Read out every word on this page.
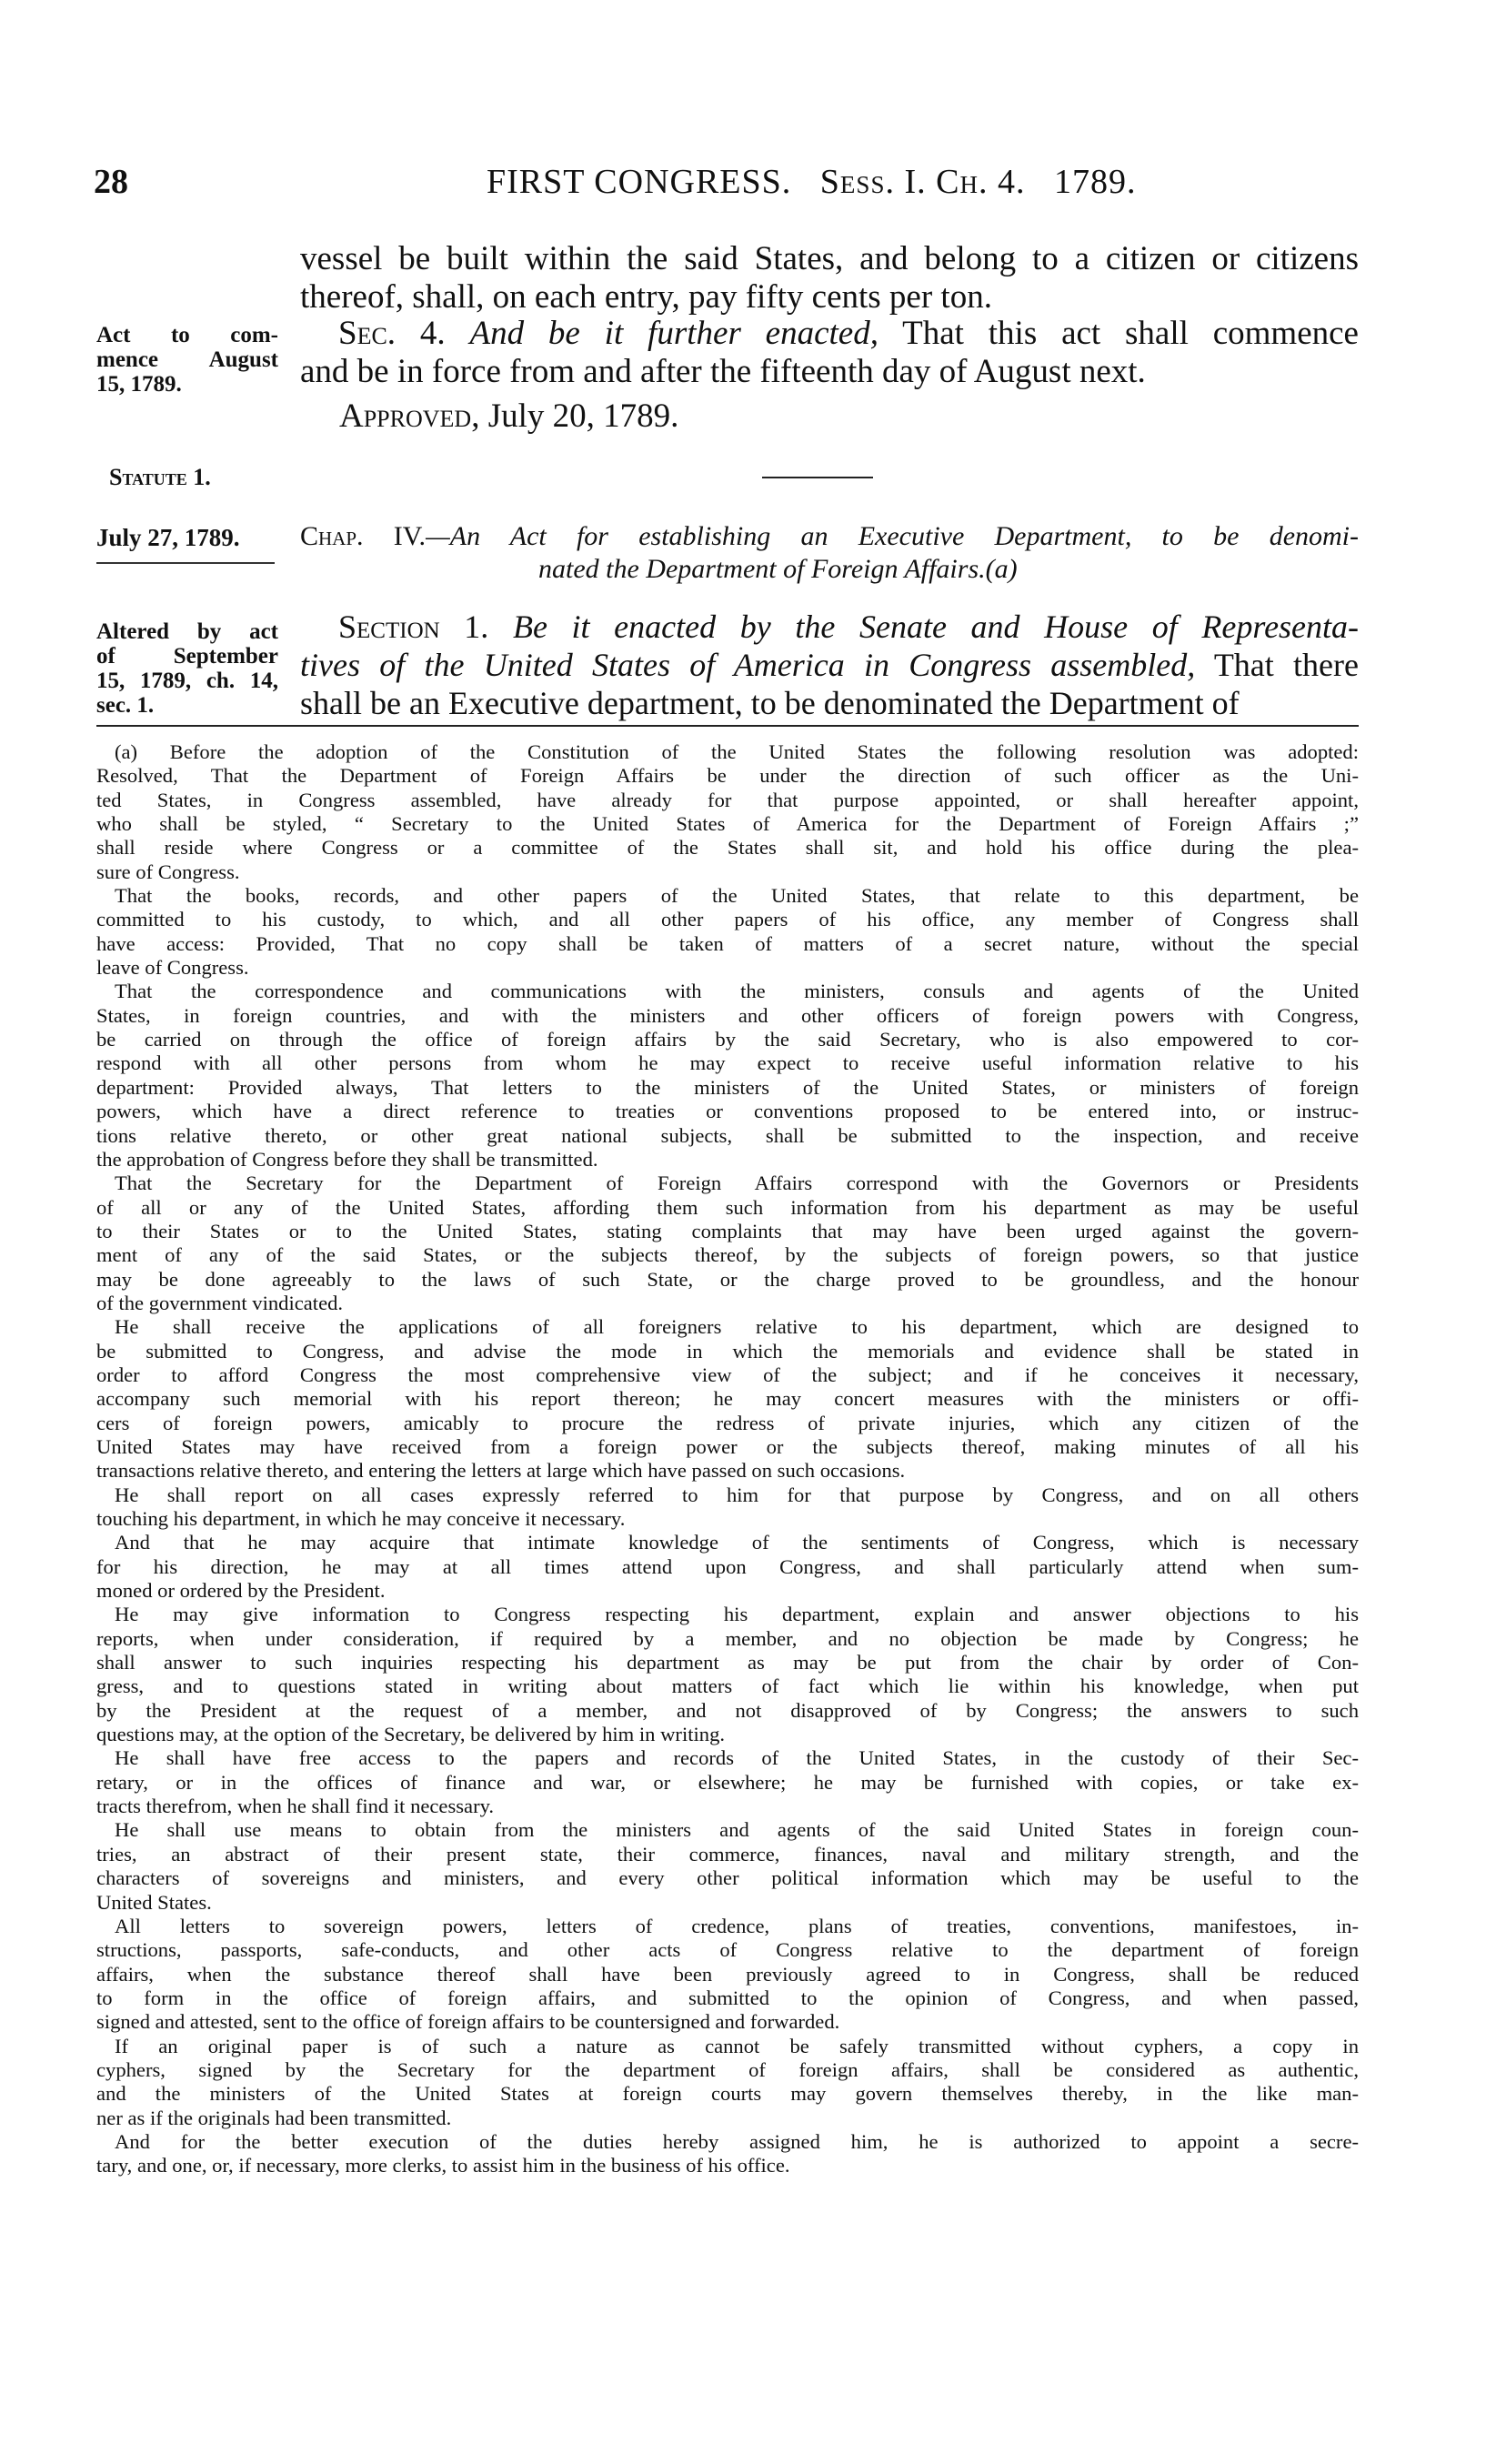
28	FIRST CONGRESS. Sess. I. Ch. 4. 1789.
vessel be built within the said States, and belong to a citizen or citizens
thereof, shall, on each entry, pay fifty cents per ton.
Act to com-
mence August
15, 1789.
Sec. 4. And be it further enacted, That this act shall commence
and be in force from and after the fifteenth day of August next.
Approved, July 20, 1789.
Statute 1.
July 27, 1789. Chap. IV.—An Act for establishing an Executive Department, to be denomi-
nated the Department of Foreign Affairs.(a)
Altered by act
of September
15, 1789, ch. 14,
sec. 1.
Section 1. Be it enacted by the Senate and House of Representa-
tives of the United States of America in Congress assembled, That there
shall be an Executive department, to be denominated the Department of
(a) Before the adoption of the Constitution of the United States the following resolution was adopted:
Resolved, That the Department of Foreign Affairs be under the direction of such officer as the Uni-
ted States, in Congress assembled, have already for that purpose appointed, or shall hereafter appoint,
who shall be styled, “ Secretary to the United States of America for the Department of Foreign Affairs ;”
shall reside where Congress or a committee of the States shall sit, and hold his office during the plea-
sure of Congress.
That the books, records, and other papers of the United States, that relate to this department, be
committed to his custody, to which, and all other papers of his office, any member of Congress shall
have access: Provided, That no copy shall be taken of matters of a secret nature, without the special
leave of Congress.
That the correspondence and communications with the ministers, consuls and agents of the United
States, in foreign countries, and with the ministers and other officers of foreign powers with Congress,
be carried on through the office of foreign affairs by the said Secretary, who is also empowered to cor-
respond with all other persons from whom he may expect to receive useful information relative to his
department: Provided always, That letters to the ministers of the United States, or ministers of foreign
powers, which have a direct reference to treaties or conventions proposed to be entered into, or instruc-
tions relative thereto, or other great national subjects, shall be submitted to the inspection, and receive
the approbation of Congress before they shall be transmitted.
That the Secretary for the Department of Foreign Affairs correspond with the Governors or Presidents
of all or any of the United States, affording them such information from his department as may be useful
to their States or to the United States, stating complaints that may have been urged against the govern-
ment of any of the said States, or the subjects thereof, by the subjects of foreign powers, so that justice
may be done agreeably to the laws of such State, or the charge proved to be groundless, and the honour
of the government vindicated.
He shall receive the applications of all foreigners relative to his department, which are designed to
be submitted to Congress, and advise the mode in which the memorials and evidence shall be stated in
order to afford Congress the most comprehensive view of the subject; and if he conceives it necessary,
accompany such memorial with his report thereon; he may concert measures with the ministers or offi-
cers of foreign powers, amicably to procure the redress of private injuries, which any citizen of the
United States may have received from a foreign power or the subjects thereof, making minutes of all his
transactions relative thereto, and entering the letters at large which have passed on such occasions.
He shall report on all cases expressly referred to him for that purpose by Congress, and on all others
touching his department, in which he may conceive it necessary.
And that he may acquire that intimate knowledge of the sentiments of Congress, which is necessary
for his direction, he may at all times attend upon Congress, and shall particularly attend when sum-
moned or ordered by the President.
He may give information to Congress respecting his department, explain and answer objections to his
reports, when under consideration, if required by a member, and no objection be made by Congress; he
shall answer to such inquiries respecting his department as may be put from the chair by order of Con-
gress, and to questions stated in writing about matters of fact which lie within his knowledge, when put
by the President at the request of a member, and not disapproved of by Congress; the answers to such
questions may, at the option of the Secretary, be delivered by him in writing.
He shall have free access to the papers and records of the United States, in the custody of their Sec-
retary, or in the offices of finance and war, or elsewhere; he may be furnished with copies, or take ex-
tracts therefrom, when he shall find it necessary.
He shall use means to obtain from the ministers and agents of the said United States in foreign coun-
tries, an abstract of their present state, their commerce, finances, naval and military strength, and the
characters of sovereigns and ministers, and every other political information which may be useful to the
United States.
All letters to sovereign powers, letters of credence, plans of treaties, conventions, manifestoes, in-
structions, passports, safe-conducts, and other acts of Congress relative to the department of foreign
affairs, when the substance thereof shall have been previously agreed to in Congress, shall be reduced
to form in the office of foreign affairs, and submitted to the opinion of Congress, and when passed,
signed and attested, sent to the office of foreign affairs to be countersigned and forwarded.
If an original paper is of such a nature as cannot be safely transmitted without cyphers, a copy in
cyphers, signed by the Secretary for the department of foreign affairs, shall be considered as authentic,
and the ministers of the United States at foreign courts may govern themselves thereby, in the like man-
ner as if the originals had been transmitted.
And for the better execution of the duties hereby assigned him, he is authorized to appoint a secre-
tary, and one, or, if necessary, more clerks, to assist him in the business of his office.
